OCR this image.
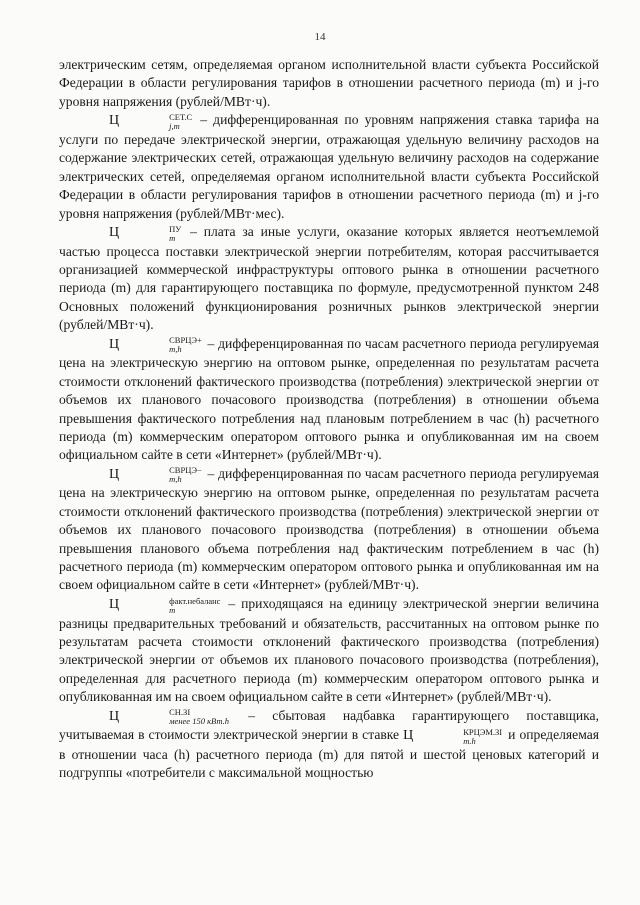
14

электрическим сетям, определяемая органом исполнительной власти субъекта Российской Федерации в области регулирования тарифов в отношении расчетного периода (m) и j-го уровня напряжения (рублей/МВт·ч).

Ц	СЕТ.С
j,m	– дифференцированная по уровням напряжения ставка тарифа на услуги по передаче электрической энергии, отражающая удельную величину расходов на содержание электрических сетей, отражающая удельную величину расходов на содержание электрических сетей, определяемая органом исполнительной власти субъекта Российской Федерации в области регулирования тарифов в отношении расчетного периода (m) и j-го уровня напряжения (рублей/МВт·мес).

Ц	ПУ
m – плата за иные услуги, оказание которых является неотъемлемой частью процесса поставки электрической энергии потребителям, которая рассчитывается организацией коммерческой инфраструктуры оптового рынка в отношении расчетного периода (m) для гарантирующего поставщика по формуле, предусмотренной пунктом 248 Основных положений функционирования розничных рынков электрической энергии (рублей/МВт·ч).

Ц	СВРЦЭ+
m,h	– дифференцированная по часам расчетного периода регулируемая цена на электрическую энергию на оптовом рынке, определенная по результатам расчета стоимости отклонений фактического производства (потребления) электрической энергии от объемов их планового почасового производства (потребления) в отношении объема превышения фактического потребления над плановым потреблением в час (h) расчетного периода (m) коммерческим оператором оптового рынка и опубликованная им на своем официальном сайте в сети «Интернет» (рублей/МВт·ч).

Ц	СВРЦЭ−
m,h	– дифференцированная по часам расчетного периода регулируемая цена на электрическую энергию на оптовом рынке, определенная по результатам расчета стоимости отклонений фактического производства (потребления) электрической энергии от объемов их планового почасового производства (потребления) в отношении объема превышения планового объема потребления над фактическим потреблением в час (h) расчетного периода (m) коммерческим оператором оптового рынка и опубликованная им на своем официальном сайте в сети «Интернет» (рублей/МВт·ч).

Ц	факт.небаланс
m	– приходящаяся на единицу электрической энергии величина разницы предварительных требований и обязательств, рассчитанных на оптовом рынке по результатам расчета стоимости отклонений фактического производства (потребления) электрической энергии от объемов их планового почасового производства (потребления), определенная для расчетного периода (m) коммерческим оператором оптового рынка и опубликованная им на своем официальном сайте в сети «Интернет» (рублей/МВт·ч).

Ц	СН.ЗІ
менее 150 кВт.h – сбытовая надбавка гарантирующего поставщика, учитываемая в стоимости электрической энергии в ставке Ц	КРЦЭМ.ЗІ
m.h	и определяемая в отношении часа (h) расчетного периода (m) для пятой и шестой ценовых категорий и подгруппы «потребители с максимальной мощностью
